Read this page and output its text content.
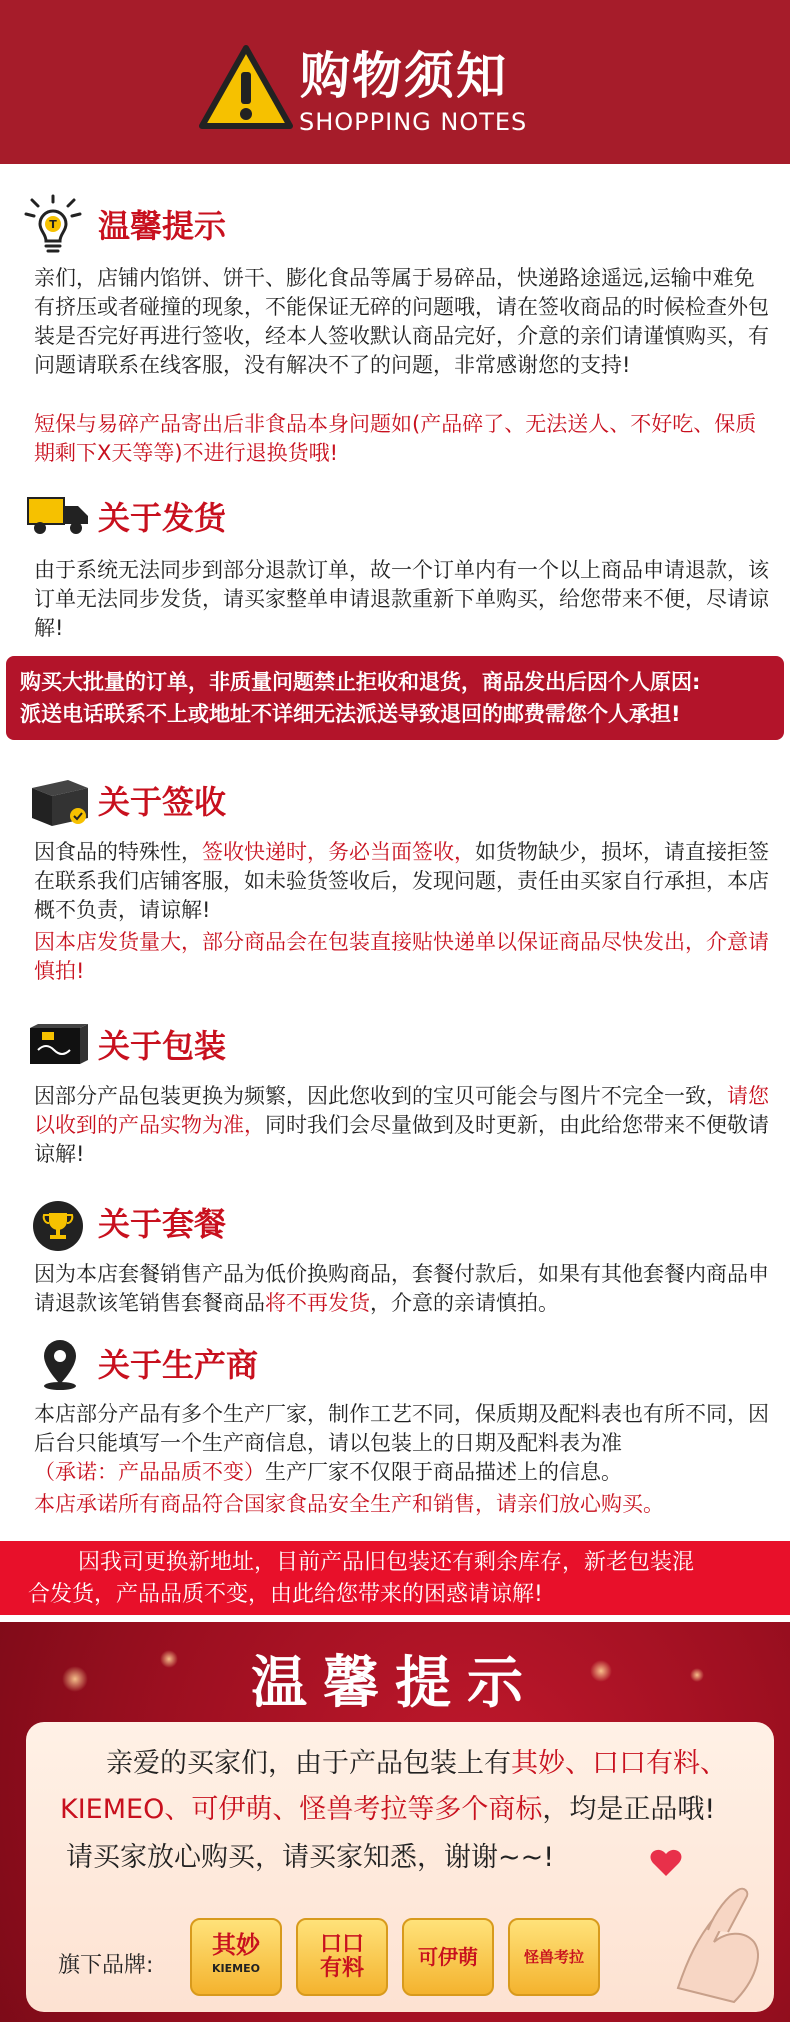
购物须知
SHOPPING NOTES
T 温馨提示
亲们，店铺内馅饼、饼干、膨化食品等属于易碎品，快递路途遥远,运输中难免有挤压或者碰撞的现象，不能保证无碎的问题哦，请在签收商品的时候检查外包装是否完好再进行签收，经本人签收默认商品完好，介意的亲们请谨慎购买，有问题请联系在线客服，没有解决不了的问题，非常感谢您的支持!
短保与易碎产品寄出后非食品本身问题如(产品碎了、无法送人、不好吃、保质期剩下X天等等)不进行退换货哦!
关于发货
由于系统无法同步到部分退款订单，故一个订单内有一个以上商品申请退款，该订单无法同步发货，请买家整单申请退款重新下单购买，给您带来不便，尽请谅解!
购买大批量的订单，非质量问题禁止拒收和退货，商品发出后因个人原因:
派送电话联系不上或地址不详细无法派送导致退回的邮费需您个人承担!
关于签收
因食品的特殊性，签收快递时，务必当面签收，如货物缺少，损坏，请直接拒签在联系我们店铺客服，如未验货签收后，发现问题，责任由买家自行承担，本店概不负责，请谅解!
因本店发货量大，部分商品会在包装直接贴快递单以保证商品尽快发出，介意请慎拍!
关于包装
因部分产品包装更换为频繁，因此您收到的宝贝可能会与图片不完全一致，请您以收到的产品实物为准，同时我们会尽量做到及时更新，由此给您带来不便敬请谅解!
关于套餐
因为本店套餐销售产品为低价换购商品，套餐付款后，如果有其他套餐内商品申请退款该笔销售套餐商品将不再发货，介意的亲请慎拍。
关于生产商
本店部分产品有多个生产厂家，制作工艺不同，保质期及配料表也有所不同，因后台只能填写一个生产商信息，请以包装上的日期及配料表为准
（承诺：产品品质不变）生产厂家不仅限于商品描述上的信息。
本店承诺所有商品符合国家食品安全生产和销售，请亲们放心购买。
因我司更换新地址，目前产品旧包装还有剩余库存，新老包装混
合发货，产品品质不变，由此给您带来的困惑请谅解!
温馨提示
亲爱的买家们，由于产品包装上有其妙、口口有料、
KIEMEO、可伊萌、怪兽考拉等多个商标，均是正品哦!
请买家放心购买，请买家知悉，谢谢~~!
旗下品牌:
其妙
KIEMEO
口口
有料	可伊萌	怪兽考拉
